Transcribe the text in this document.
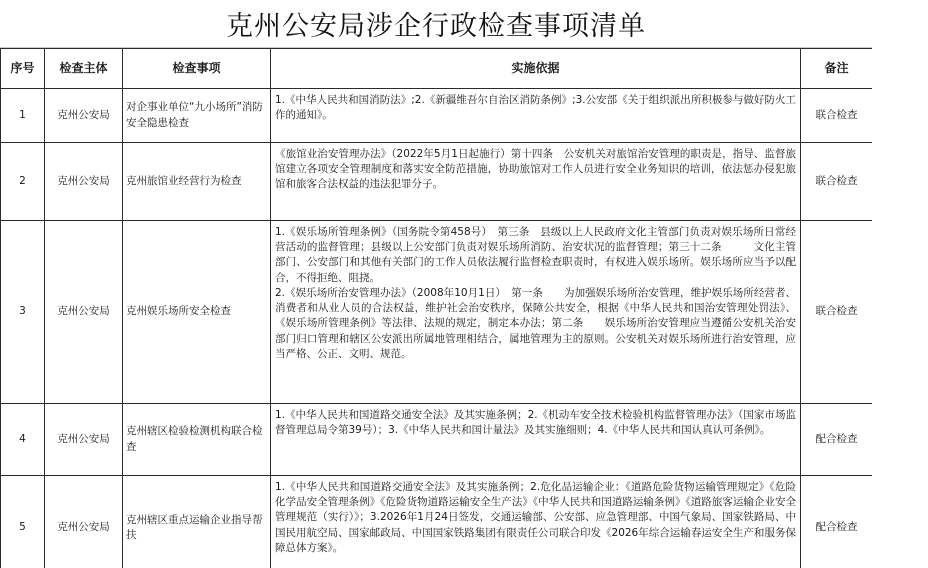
克州公安局涉企行政检查事项清单
序号	检查主体	检查事项	实施依据	备注
1	克州公安局	对企事业单位“九小场所”消防安全隐患检查	1.《中华人民共和国消防法》;2.《新疆维吾尔自治区消防条例》;3.公安部《关于组织派出所积极参与做好防火工作的通知》。	联合检查
2	克州公安局	克州旅馆业经营行为检查	《旅馆业治安管理办法》（2022年5月1日起施行）第十四条　公安机关对旅馆治安管理的职责是，指导、监督旅馆建立各项安全管理制度和落实安全防范措施，协助旅馆对工作人员进行安全业务知识的培训，依法惩办侵犯旅馆和旅客合法权益的违法犯罪分子。	联合检查
3	克州公安局	克州娱乐场所安全检查	1.《娱乐场所管理条例》（国务院令第458号）　第三条　县级以上人民政府文化主管部门负责对娱乐场所日常经营活动的监督管理；县级以上公安部门负责对娱乐场所消防、治安状况的监督管理；第三十二条　　　文化主管部门、公安部门和其他有关部门的工作人员依法履行监督检查职责时，有权进入娱乐场所。娱乐场所应当予以配合，不得拒绝、阻挠。
2.《娱乐场所治安管理办法》（2008年10月1日）　第一条　　为加强娱乐场所治安管理，维护娱乐场所经营者、消费者和从业人员的合法权益，维护社会治安秩序，保障公共安全，根据《中华人民共和国治安管理处罚法》、《娱乐场所管理条例》等法律、法规的规定，制定本办法；第二条　　娱乐场所治安管理应当遵循公安机关治安部门归口管理和辖区公安派出所属地管理相结合，属地管理为主的原则。公安机关对娱乐场所进行治安管理，应当严格、公正、文明、规范。	联合检查
4	克州公安局	克州辖区检验检测机构联合检查	1.《中华人民共和国道路交通安全法》及其实施条例；2.《机动车安全技术检验机构监督管理办法》（国家市场监督管理总局令第39号）；3.《中华人民共和国计量法》及其实施细则；4.《中华人民共和国认真认可条例》。	配合检查
5	克州公安局	克州辖区重点运输企业指导帮扶	1.《中华人民共和国道路交通安全法》及其实施条例；2.危化品运输企业：《道路危险货物运输管理规定》《危险化学品安全管理条例》《危险货物道路运输安全生产法》《中华人民共和国道路运输条例》《道路旅客运输企业安全管理规范（实行）》；3.2026年1月24日签发，交通运输部、公安部、应急管理部、中国气象局、国家铁路局、中国民用航空局、国家邮政局、中国国家铁路集团有限责任公司联合印发《2026年综合运输春运安全生产和服务保障总体方案》。	配合检查
